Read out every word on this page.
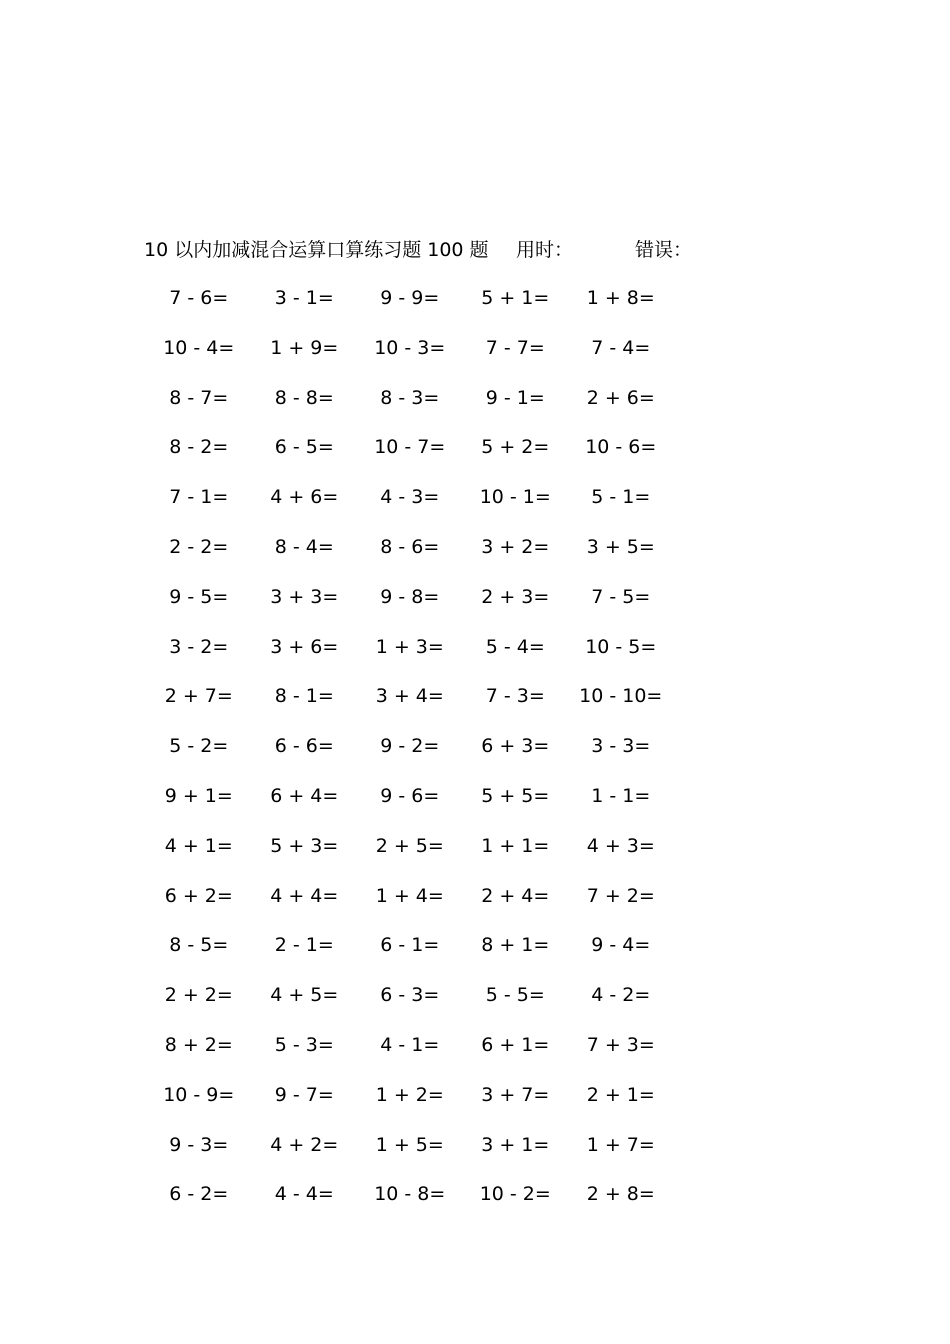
10 以内加减混合运算口算练习题 100 题 用时：	错误：
7 - 6=	3 - 1=	9 - 9=	5 + 1=	1 + 8=
10 - 4=	1 + 9=	10 - 3=	7 - 7=	7 - 4=
8 - 7=	8 - 8=	8 - 3=	9 - 1=	2 + 6=
8 - 2=	6 - 5=	10 - 7=	5 + 2=	10 - 6=
7 - 1=	4 + 6=	4 - 3=	10 - 1=	5 - 1=
2 - 2=	8 - 4=	8 - 6=	3 + 2=	3 + 5=
9 - 5=	3 + 3=	9 - 8=	2 + 3=	7 - 5=
3 - 2=	3 + 6=	1 + 3=	5 - 4=	10 - 5=
2 + 7=	8 - 1=	3 + 4=	7 - 3=	10 - 10=
5 - 2=	6 - 6=	9 - 2=	6 + 3=	3 - 3=
9 + 1=	6 + 4=	9 - 6=	5 + 5=	1 - 1=
4 + 1=	5 + 3=	2 + 5=	1 + 1=	4 + 3=
6 + 2=	4 + 4=	1 + 4=	2 + 4=	7 + 2=
8 - 5=	2 - 1=	6 - 1=	8 + 1=	9 - 4=
2 + 2=	4 + 5=	6 - 3=	5 - 5=	4 - 2=
8 + 2=	5 - 3=	4 - 1=	6 + 1=	7 + 3=
10 - 9=	9 - 7=	1 + 2=	3 + 7=	2 + 1=
9 - 3=	4 + 2=	1 + 5=	3 + 1=	1 + 7=
6 - 2=	4 - 4=	10 - 8=	10 - 2=	2 + 8=
